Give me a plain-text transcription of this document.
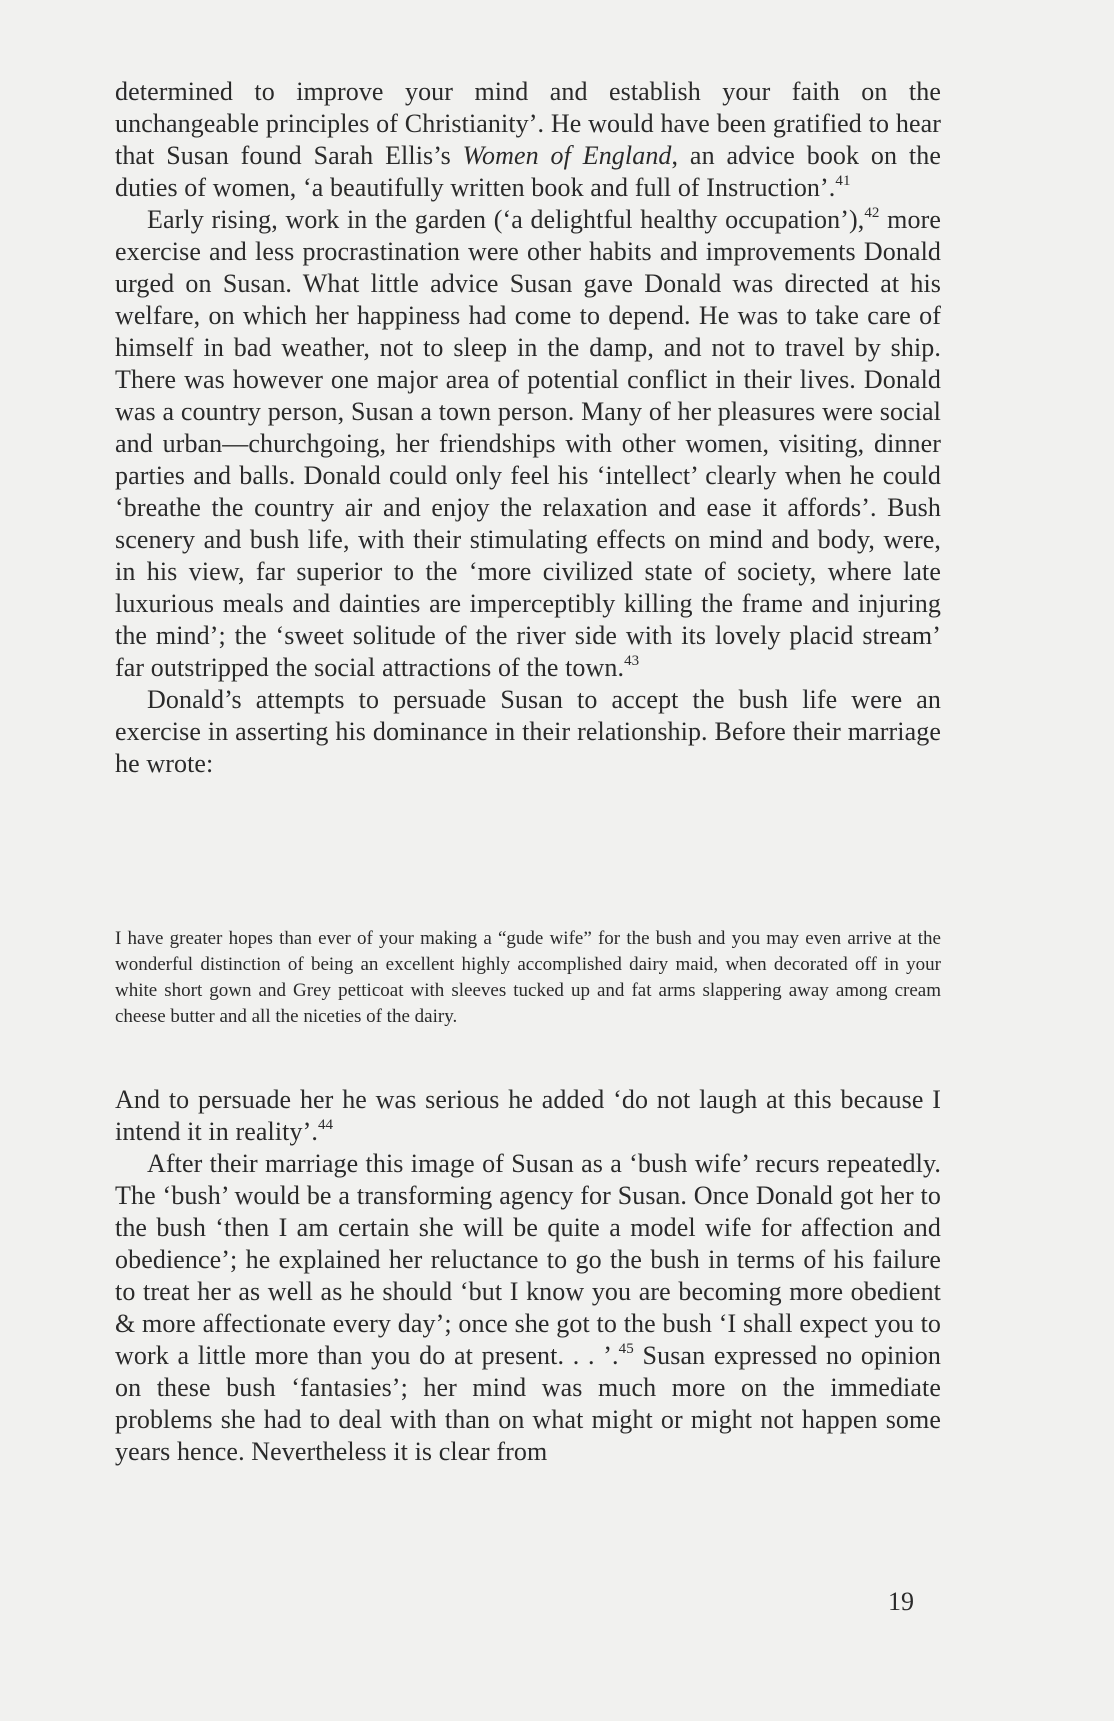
determined to improve your mind and establish your faith on the unchangeable principles of Christianity’. He would have been gratified to hear that Susan found Sarah Ellis’s Women of England, an advice book on the duties of women, ‘a beautifully written book and full of Instruction’.$^{41}$

Early rising, work in the garden (‘a delightful healthy occupation’),$^{42}$ more exercise and less procrastination were other habits and improvements Donald urged on Susan. What little advice Susan gave Donald was directed at his welfare, on which her happiness had come to depend. He was to take care of himself in bad weather, not to sleep in the damp, and not to travel by ship. There was however one major area of potential conflict in their lives. Donald was a country person, Susan a town person. Many of her pleasures were social and urban—churchgoing, her friendships with other women, visiting, dinner parties and balls. Donald could only feel his ‘intellect’ clearly when he could ‘breathe the country air and enjoy the relaxation and ease it affords’. Bush scenery and bush life, with their stimulating effects on mind and body, were, in his view, far superior to the ‘more civilized state of society, where late luxurious meals and dainties are imperceptibly killing the frame and injuring the mind’; the ‘sweet solitude of the river side with its lovely placid stream’ far outstripped the social attractions of the town.$^{43}$

Donald’s attempts to persuade Susan to accept the bush life were an exercise in asserting his dominance in their relationship. Before their marriage he wrote:

I have greater hopes than ever of your making a “gude wife” for the bush and you may even arrive at the wonderful distinction of being an excellent highly accomplished dairy maid, when decorated off in your white short gown and Grey petticoat with sleeves tucked up and fat arms slappering away among cream cheese butter and all the niceties of the dairy.

And to persuade her he was serious he added ‘do not laugh at this because I intend it in reality’.$^{44}$

After their marriage this image of Susan as a ‘bush wife’ recurs repeatedly. The ‘bush’ would be a transforming agency for Susan. Once Donald got her to the bush ‘then I am certain she will be quite a model wife for affection and obedience’; he explained her reluctance to go the bush in terms of his failure to treat her as well as he should ‘but I know you are becoming more obedient & more affectionate every day’; once she got to the bush ‘I shall expect you to work a little more than you do at present. . . ’.$^{45}$ Susan expressed no opinion on these bush ‘fantasies’; her mind was much more on the immediate problems she had to deal with than on what might or might not happen some years hence. Nevertheless it is clear from

19
